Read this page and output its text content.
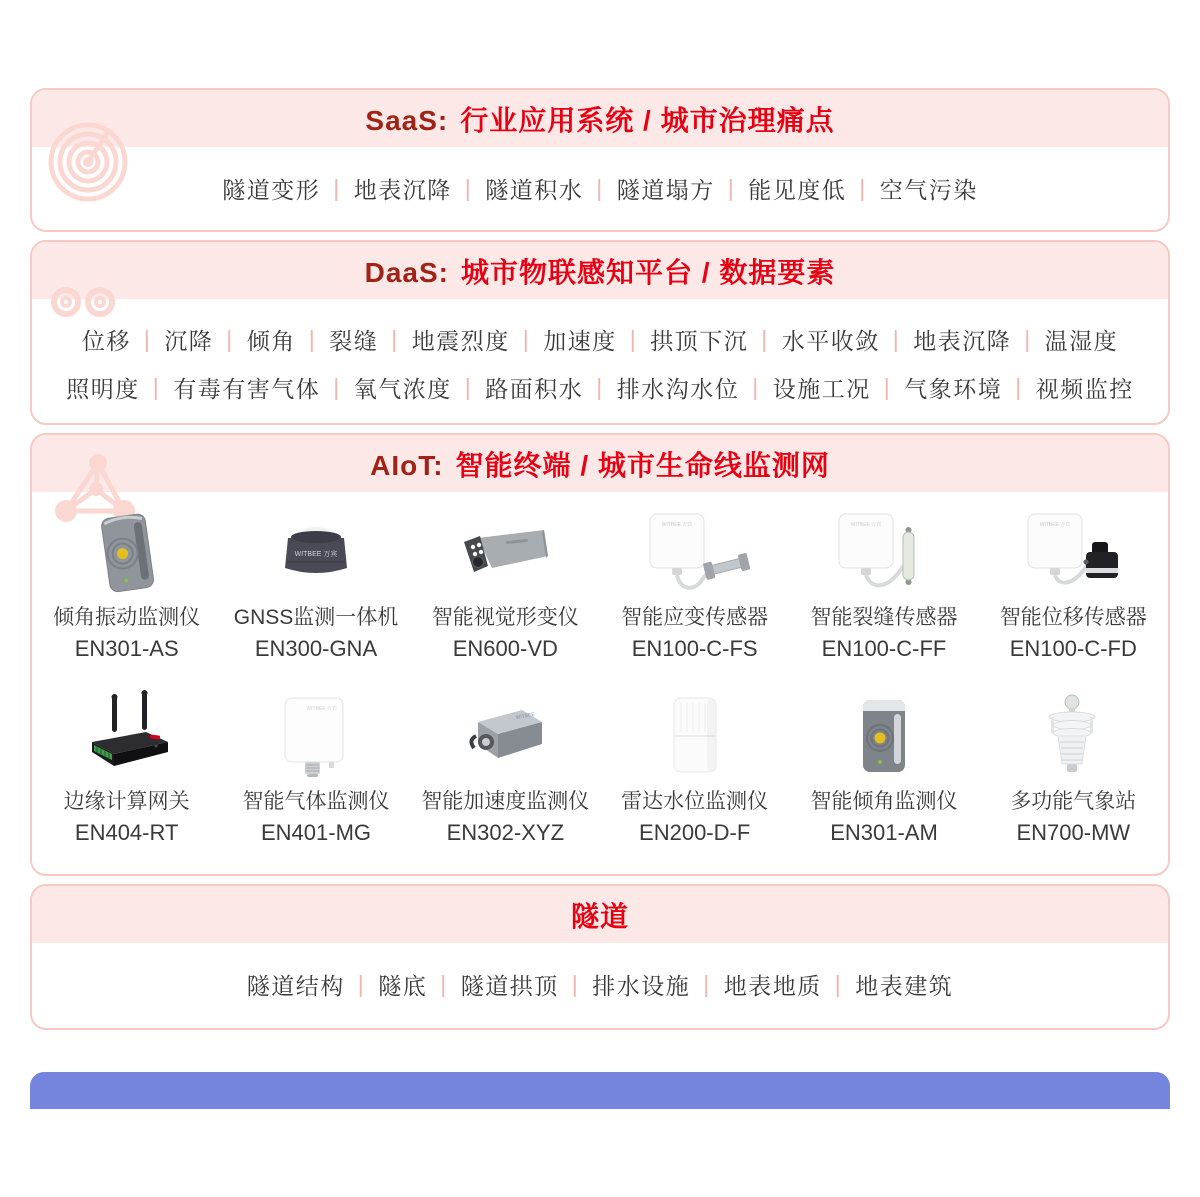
SaaS: 行业应用系统 / 城市治理痛点
隧道变形 | 地表沉降 | 隧道积水 | 隧道塌方 | 能见度低 | 空气污染
DaaS: 城市物联感知平台 / 数据要素
位移 | 沉降 | 倾角 | 裂缝 | 地震烈度 | 加速度 | 拱顶下沉 | 水平收敛 | 地表沉降 | 温湿度
照明度 | 有毒有害气体 | 氧气浓度 | 路面积水 | 排水沟水位 | 设施工况 | 气象环境 | 视频监控
AIoT: 智能终端 / 城市生命线监测网
倾角振动监测仪
EN301-AS
WITBEE 万宾
GNSS监测一体机
EN300-GNA
智能视觉形变仪
EN600-VD
WITBEE 万宾
智能应变传感器
EN100-C-FS
WITBEE 万宾
智能裂缝传感器
EN100-C-FF
WITBEE 万宾
智能位移传感器
EN100-C-FD
边缘计算网关
EN404-RT
WITBEE 万宾
智能气体监测仪
EN401-MG
WITBEE
智能加速度监测仪
EN302-XYZ
雷达水位监测仪
EN200-D-F
智能倾角监测仪
EN301-AM
多功能气象站
EN700-MW
隧道
隧道结构 | 隧底 | 隧道拱顶 | 排水设施 | 地表地质 | 地表建筑
